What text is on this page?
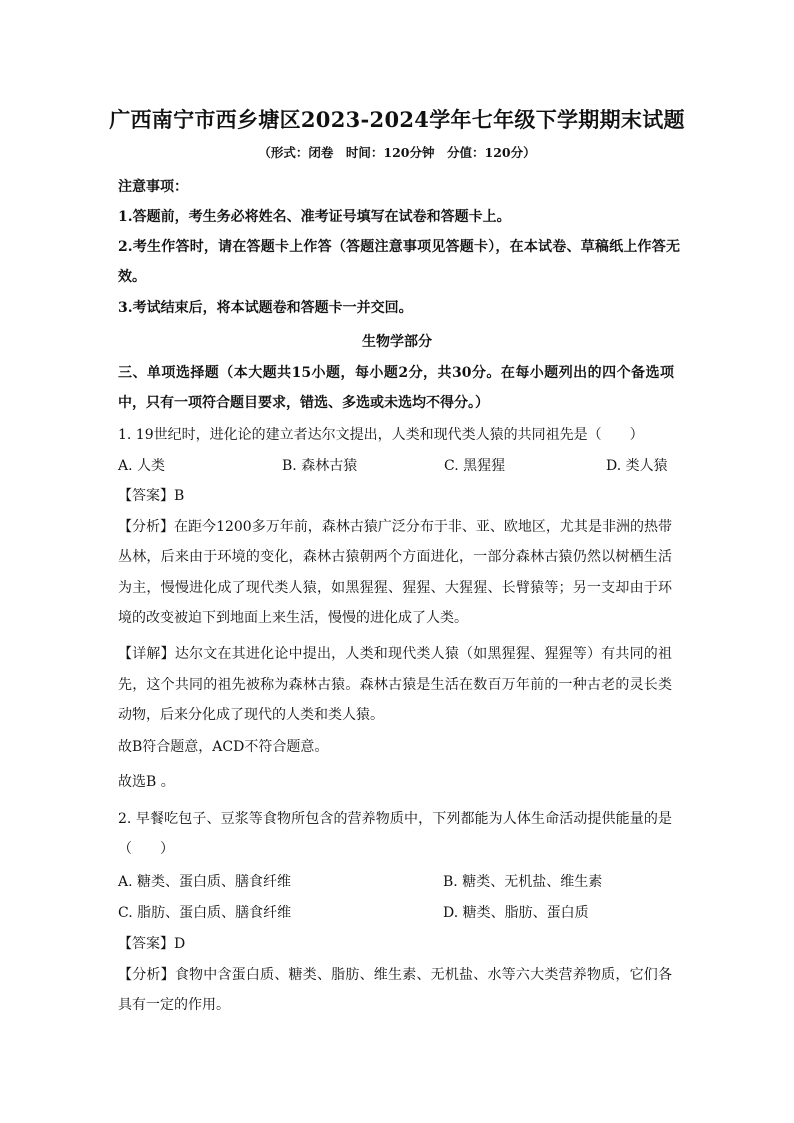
广西南宁市西乡塘区2023-2024学年七年级下学期期末试题
（形式：闭卷　时间：120分钟　分值：120分）
注意事项：
1.答题前，考生务必将姓名、准考证号填写在试卷和答题卡上。
2.考生作答时，请在答题卡上作答（答题注意事项见答题卡），在本试卷、草稿纸上作答无
效。
3.考试结束后，将本试题卷和答题卡一并交回。
生物学部分
三、单项选择题（本大题共15小题，每小题2分，共30分。在每小题列出的四个备选项
中，只有一项符合题目要求，错选、多选或未选均不得分。）
1. 19世纪时，进化论的建立者达尔文提出，人类和现代类人猿的共同祖先是（　　）
A. 人类	B. 森林古猿	C. 黑猩猩	D. 类人猿
【答案】B
【分析】在距今1200多万年前，森林古猿广泛分布于非、亚、欧地区，尤其是非洲的热带
丛林，后来由于环境的变化，森林古猿朝两个方面进化，一部分森林古猿仍然以树栖生活
为主，慢慢进化成了现代类人猿，如黑猩猩、猩猩、大猩猩、长臂猿等；另一支却由于环
境的改变被迫下到地面上来生活，慢慢的进化成了人类。
【详解】达尔文在其进化论中提出，人类和现代类人猿（如黑猩猩、猩猩等）有共同的祖
先，这个共同的祖先被称为森林古猿。森林古猿是生活在数百万年前的一种古老的灵长类
动物，后来分化成了现代的人类和类人猿。
故B符合题意，ACD不符合题意。
故选B 。
2. 早餐吃包子、豆浆等食物所包含的营养物质中，下列都能为人体生命活动提供能量的是
（　　）
A. 糖类、蛋白质、膳食纤维	B. 糖类、无机盐、维生素
C. 脂肪、蛋白质、膳食纤维	D. 糖类、脂肪、蛋白质
【答案】D
【分析】食物中含蛋白质、糖类、脂肪、维生素、无机盐、水等六大类营养物质，它们各
具有一定的作用。
